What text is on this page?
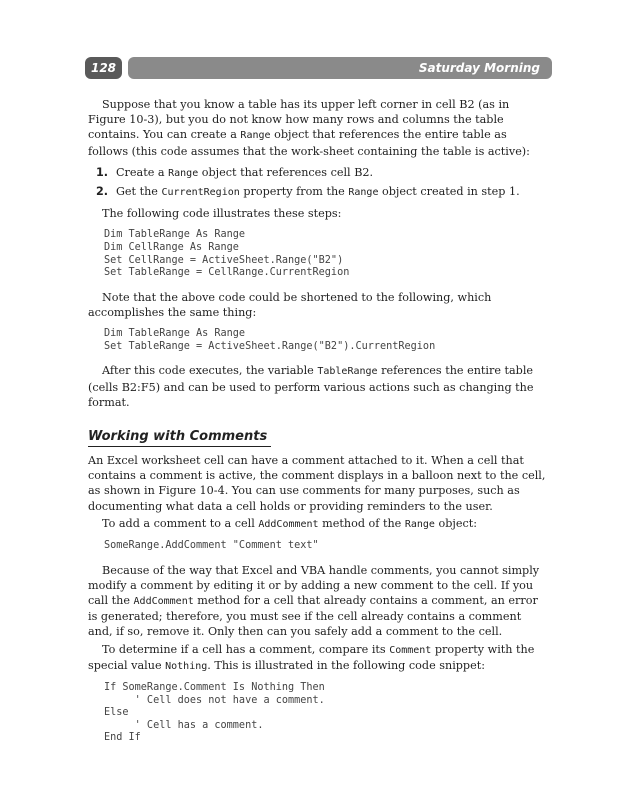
128	Saturday Morning

Suppose that you know a table has its upper left corner in cell B2 (as in Figure 10-3), but you do not know how many rows and columns the table contains. You can create a Range object that references the entire table as follows (this code assumes that the work-sheet containing the table is active):

1. Create a Range object that references cell B2.
2. Get the CurrentRegion property from the Range object created in step 1.

The following code illustrates these steps:

Dim TableRange As Range
Dim CellRange As Range
Set CellRange = ActiveSheet.Range("B2")
Set TableRange = CellRange.CurrentRegion

Note that the above code could be shortened to the following, which accomplishes the same thing:

Dim TableRange As Range
Set TableRange = ActiveSheet.Range("B2").CurrentRegion

After this code executes, the variable TableRange references the entire table (cells B2:F5) and can be used to perform various actions such as changing the format.

Working with Comments

An Excel worksheet cell can have a comment attached to it. When a cell that contains a comment is active, the comment displays in a balloon next to the cell, as shown in Figure 10-4. You can use comments for many purposes, such as documenting what data a cell holds or providing reminders to the user.

To add a comment to a cell AddComment method of the Range object:

SomeRange.AddComment "Comment text"

Because of the way that Excel and VBA handle comments, you cannot simply modify a comment by editing it or by adding a new comment to the cell. If you call the AddComment method for a cell that already contains a comment, an error is generated; therefore, you must see if the cell already contains a comment and, if so, remove it. Only then can you safely add a comment to the cell.

To determine if a cell has a comment, compare its Comment property with the special value Nothing. This is illustrated in the following code snippet:

If SomeRange.Comment Is Nothing Then
' Cell does not have a comment.
Else
' Cell has a comment.
End If
